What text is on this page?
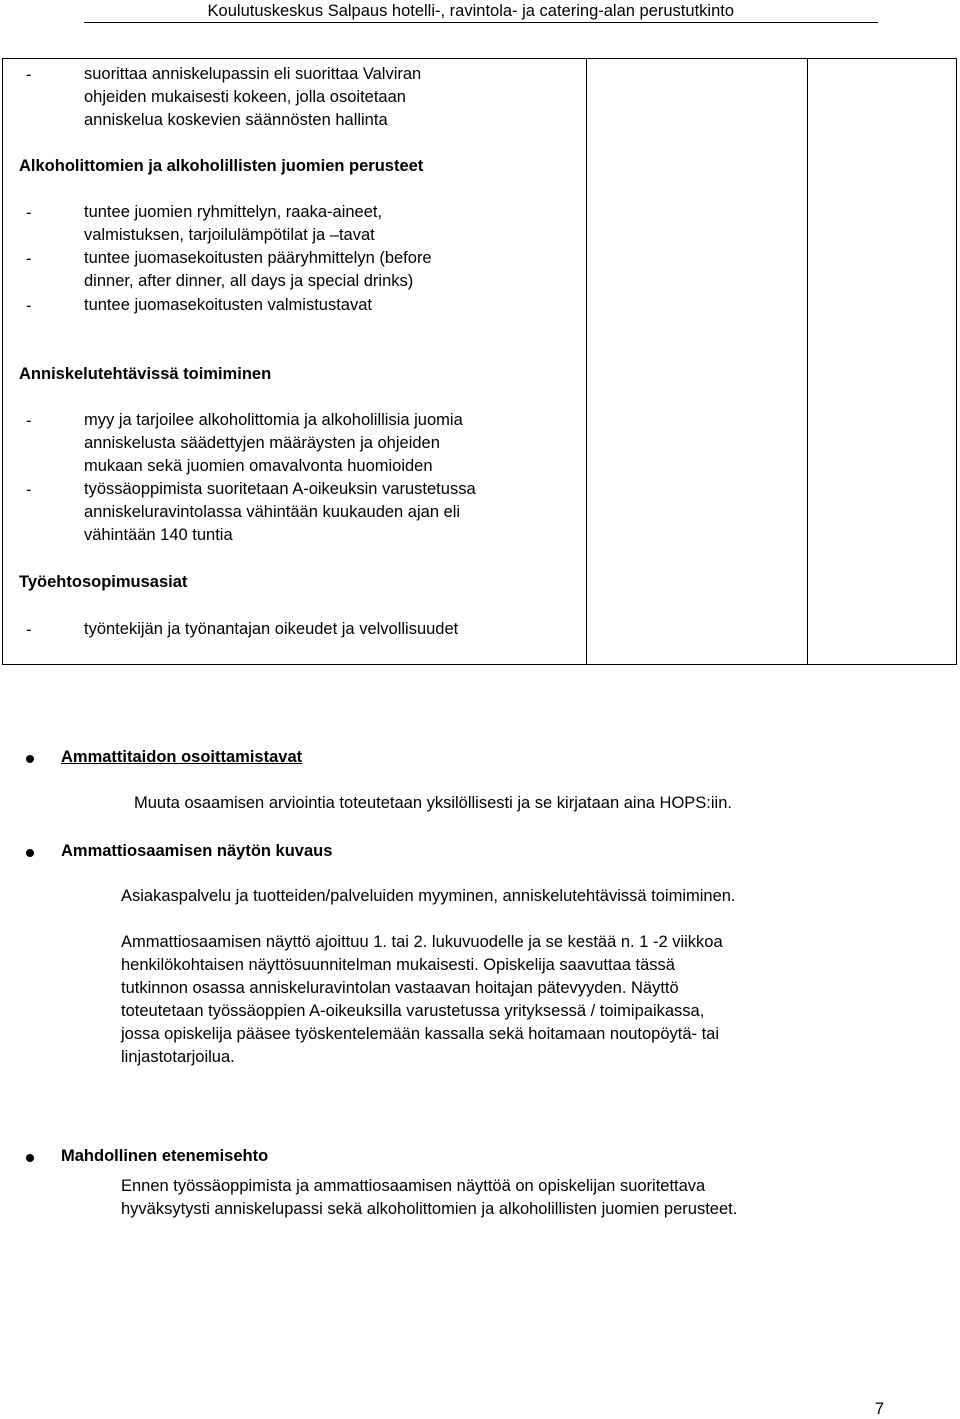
Koulutuskeskus Salpaus hotelli-, ravintola- ja catering-alan perustutkinto
-	suorittaa anniskelupassin eli suorittaa Valviran
ohjeiden mukaisesti kokeen, jolla osoitetaan
anniskelua koskevien säännösten hallinta
Alkoholittomien ja alkoholillisten juomien perusteet
-	tuntee juomien ryhmittelyn, raaka-aineet,
valmistuksen, tarjoilulämpötilat ja –tavat
-	tuntee juomasekoitusten pääryhmittelyn (before
dinner, after dinner, all days ja special drinks)
-	tuntee juomasekoitusten valmistustavat
Anniskelutehtävissä toimiminen
-	myy ja tarjoilee alkoholittomia ja alkoholillisia juomia
anniskelusta säädettyjen määräysten ja ohjeiden
mukaan sekä juomien omavalvonta huomioiden
-	työssäoppimista suoritetaan A-oikeuksin varustetussa
anniskeluravintolassa vähintään kuukauden ajan eli
vähintään 140 tuntia
Työehtosopimusasiat
-	työntekijän ja työnantajan oikeudet ja velvollisuudet
Ammattitaidon osoittamistavat
Muuta osaamisen arviointia toteutetaan yksilöllisesti ja se kirjataan aina HOPS:iin.
Ammattiosaamisen näytön kuvaus
Asiakaspalvelu ja tuotteiden/palveluiden myyminen, anniskelutehtävissä toimiminen.
Ammattiosaamisen näyttö ajoittuu 1. tai 2. lukuvuodelle ja se kestää n. 1 -2 viikkoa
henkilökohtaisen näyttösuunnitelman mukaisesti. Opiskelija saavuttaa tässä
tutkinnon osassa anniskeluravintolan vastaavan hoitajan pätevyyden. Näyttö
toteutetaan työssäoppien A-oikeuksilla varustetussa yrityksessä / toimipaikassa,
jossa opiskelija pääsee työskentelemään kassalla sekä hoitamaan noutopöytä- tai
linjastotarjoilua.
Mahdollinen etenemisehto
Ennen työssäoppimista ja ammattiosaamisen näyttöä on opiskelijan suoritettava
hyväksytysti anniskelupassi sekä alkoholittomien ja alkoholillisten juomien perusteet.
7
